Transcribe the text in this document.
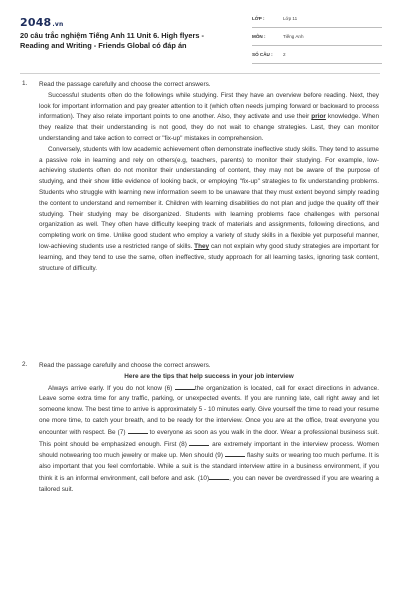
2048.vn
20 câu trắc nghiệm Tiếng Anh 11 Unit 6. High flyers - Reading and Writing - Friends Global có đáp án
LỚP :	Lớp 11
MÔN :	Tiếng Anh
SỐ CÂU : 2
1. Read the passage carefully and choose the correct answers.

Successful students often do the followings while studying. First they have an overview before reading. Next, they look for important information and pay greater attention to it (which often needs jumping forward or backward to process information). They also relate important points to one another. Also, they activate and use their prior knowledge. When they realize that their understanding is not good, they do not wait to change strategies. Last, they can monitor understanding and take action to correct or "fix-up" mistakes in comprehension.

Conversely, students with low academic achievement often demonstrate ineffective study skills. They tend to assume a passive role in learning and rely on others(e.g, teachers, parents) to monitor their studying. For example, low-achieving students often do not monitor their understanding of content, they may not be aware of the purpose of studying, and their show little evidence of looking back, or employing "fix-up" strategies to fix understanding problems. Students who struggle with learning new information seem to be unaware that they must extent beyond simply reading the content to understand and remember it. Children with learning disabilities do not plan and judge the quality off their studying. Their studying may be disorganized. Students with learning problems face challenges with personal organization as well. They often have difficulty keeping track of materials and assignments, following directions, and completing work on time. Unlike good student who employ a variety of study skills in a flexible yet purposeful manner, low-achieving students use a restricted range of skills. They can not explain why good study strategies are important for learning, and they tend to use the same, often ineffective, study approach for all learning tasks, ignoring task content, structure of difficulty.

2. Read the passage carefully and choose the correct answers.

Here are the tips that help success in your job interview

Always arrive early. If you do not know (6)	the organization is located, call for exact directions in advance. Leave some extra time for any traffic, parking, or unexpected events. If you are running late, call right away and let someone know. The best time to arrive is approximately 5 - 10 minutes early. Give yourself the time to read your resume one more time, to catch your breath, and to be ready for the interview. Once you are at the office, treat everyone you encounter with respect. Be (7)	to everyone as soon as you walk in the door. Wear a professional business suit. This point should be emphasized enough. First (8)	are extremely important in the interview process. Women should notwearing too much jewelry or make up. Men should (9)	flashy suits or wearing too much perfume. It is also important that you feel comfortable. While a suit is the standard interview attire in a business environment, if you think it is an informal environment, call before and ask. (10)	, you can never be overdressed if you are wearing a tailored suit.
